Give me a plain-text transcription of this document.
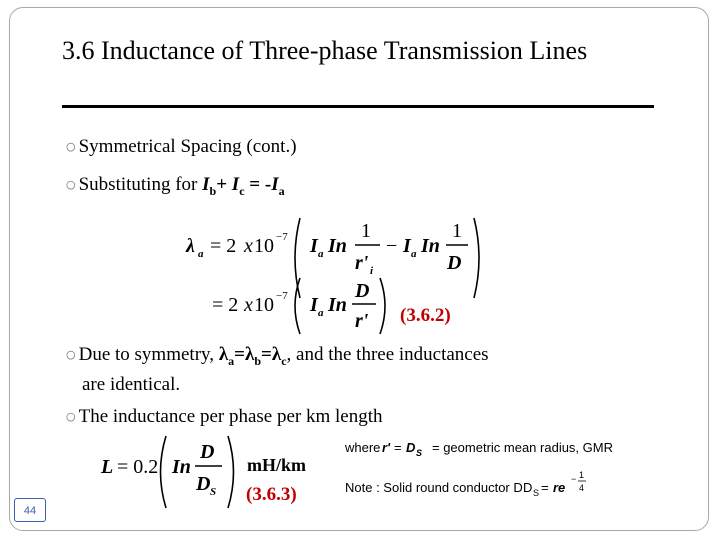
3.6 Inductance of Three-phase Transmission Lines
○ Symmetrical Spacing (cont.)
○ Substituting for $I_b+ I_c = -I_a$
○ Due to symmetry, $\lambda_a=\lambda_b=\lambda_c$, and the three inductances
are identical.
○ The inductance per phase per km length
λ a = 2 x 10 −7 I a In
1
r' i
− I a In
1
D
= 2 x 10 −7 I a In
D
r'
L = 0.2 In
D
D S
r' = D S
D S = re
− 1
4
(3.6.2)
(3.6.3)
mH/km
where	= geometric mean radius, GMR
Note : Solid round conductor D
44
